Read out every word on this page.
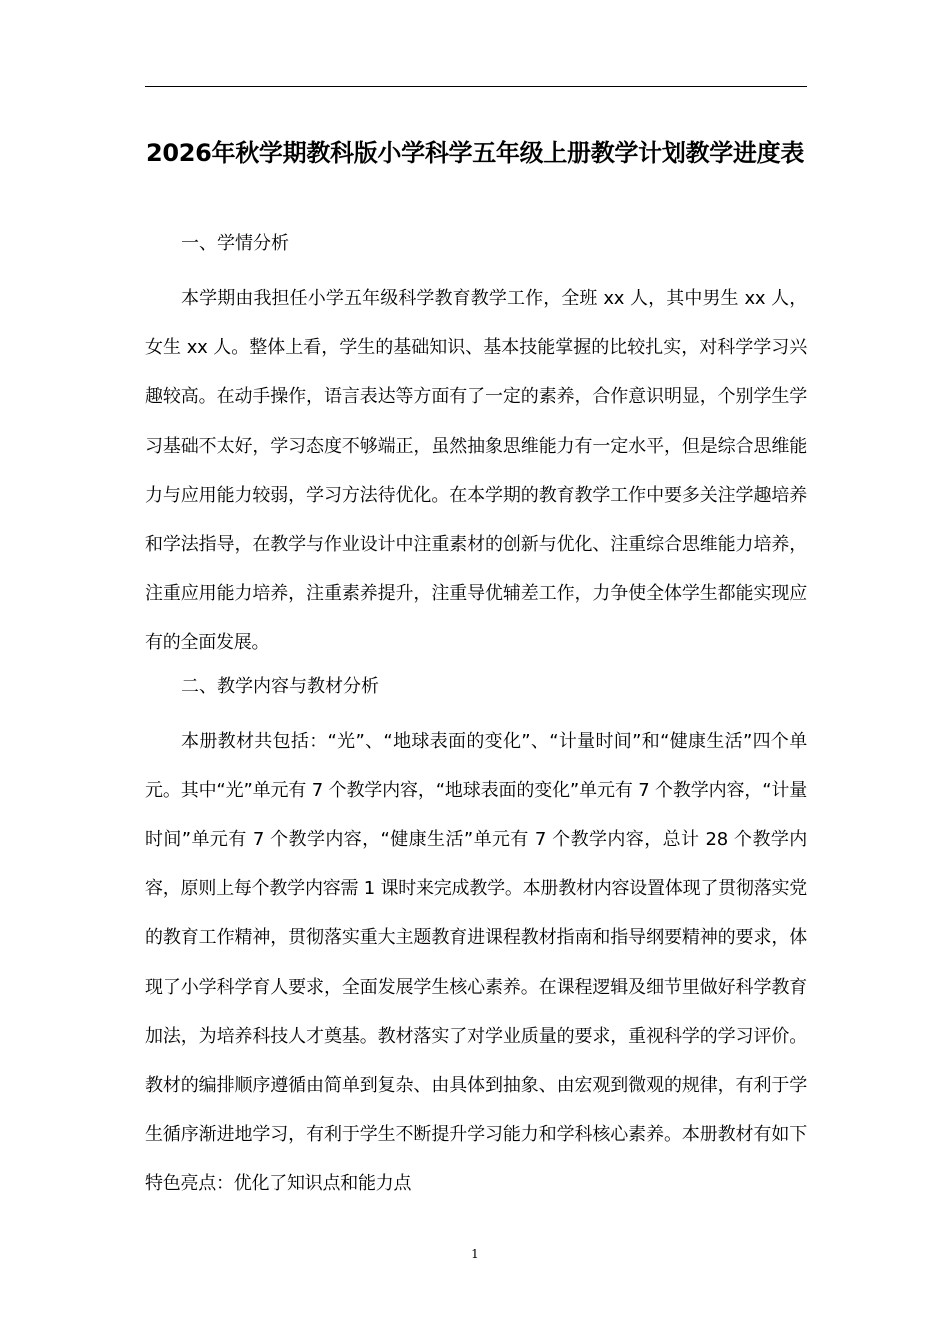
2026年秋学期教科版小学科学五年级上册教学计划教学进度表
一、学情分析

本学期由我担任小学五年级科学教育教学工作，全班 xx 人，其中男生 xx 人，女生 xx 人。整体上看，学生的基础知识、基本技能掌握的比较扎实，对科学学习兴趣较高。在动手操作，语言表达等方面有了一定的素养，合作意识明显，个别学生学习基础不太好，学习态度不够端正，虽然抽象思维能力有一定水平，但是综合思维能力与应用能力较弱，学习方法待优化。在本学期的教育教学工作中要多关注学趣培养和学法指导，在教学与作业设计中注重素材的创新与优化、注重综合思维能力培养，注重应用能力培养，注重素养提升，注重导优辅差工作，力争使全体学生都能实现应有的全面发展。

二、教学内容与教材分析

本册教材共包括：“光”、“地球表面的变化”、“计量时间”和“健康生活”四个单元。其中“光”单元有 7 个教学内容，“地球表面的变化”单元有 7 个教学内容，“计量时间”单元有 7 个教学内容，“健康生活”单元有 7 个教学内容，总计 28 个教学内容，原则上每个教学内容需 1 课时来完成教学。本册教材内容设置体现了贯彻落实党的教育工作精神，贯彻落实重大主题教育进课程教材指南和指导纲要精神的要求，体现了小学科学育人要求，全面发展学生核心素养。在课程逻辑及细节里做好科学教育加法，为培养科技人才奠基。教材落实了对学业质量的要求，重视科学的学习评价。教材的编排顺序遵循由简单到复杂、由具体到抽象、由宏观到微观的规律，有利于学生循序渐进地学习，有利于学生不断提升学习能力和学科核心素养。本册教材有如下特色亮点：优化了知识点和能力点

1
